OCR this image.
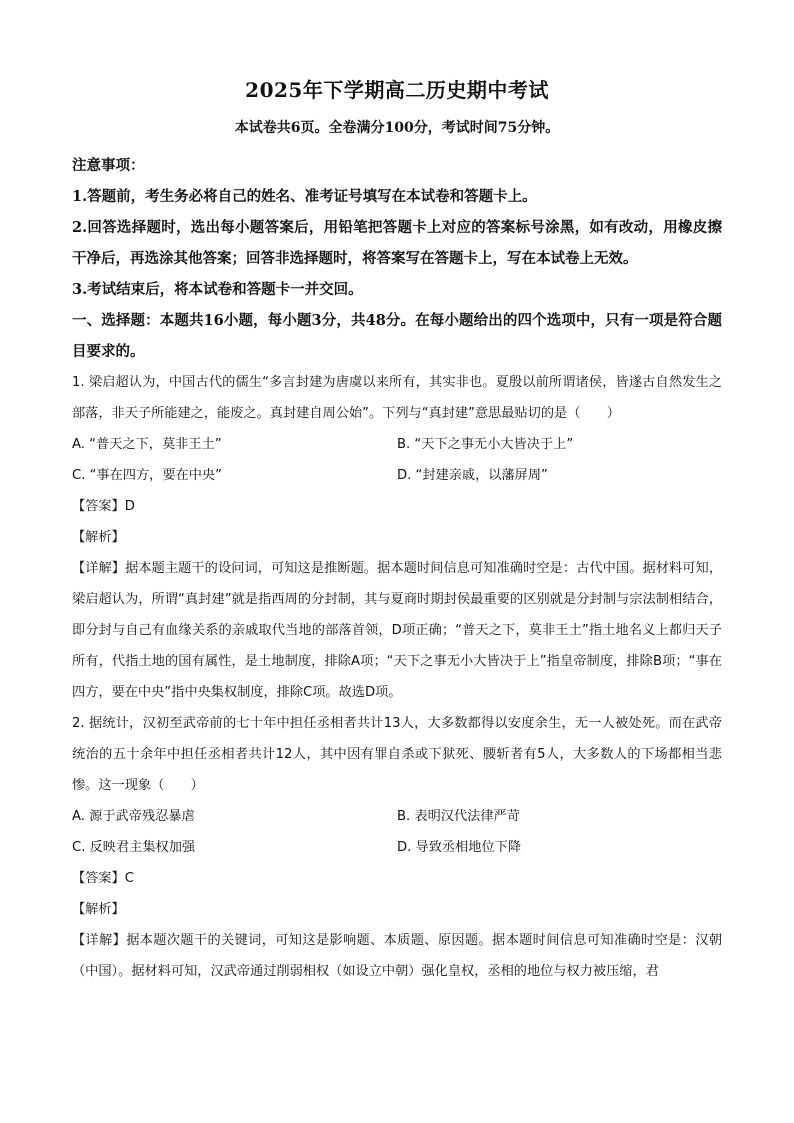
2025年下学期高二历史期中考试
本试卷共6页。全卷满分100分，考试时间75分钟。
注意事项：
1.答题前，考生务必将自己的姓名、准考证号填写在本试卷和答题卡上。
2.回答选择题时，选出每小题答案后，用铅笔把答题卡上对应的答案标号涂黑，如有改动，用橡皮擦干净后，再选涂其他答案；回答非选择题时，将答案写在答题卡上，写在本试卷上无效。
3.考试结束后，将本试卷和答题卡一并交回。
一、选择题：本题共16小题，每小题3分，共48分。在每小题给出的四个选项中，只有一项是符合题目要求的。
1. 梁启超认为，中国古代的儒生“多言封建为唐虞以来所有，其实非也。夏殷以前所谓诸侯，皆遂古自然发生之部落，非天子所能建之，能废之。真封建自周公始”。下列与“真封建”意思最贴切的是（　　）
A. “普天之下，莫非王土”	B. “天下之事无小大皆决于上”
C. “事在四方，要在中央”	D. “封建亲戚，以藩屏周”
【答案】D
【解析】
【详解】据本题主题干的设问词，可知这是推断题。据本题时间信息可知准确时空是：古代中国。据材料可知，梁启超认为，所谓“真封建”就是指西周的分封制，其与夏商时期封侯最重要的区别就是分封制与宗法制相结合，即分封与自己有血缘关系的亲戚取代当地的部落首领，D项正确；“普天之下，莫非王土”指土地名义上都归天子所有，代指土地的国有属性，是土地制度，排除A项；“天下之事无小大皆决于上”指皇帝制度，排除B项；“事在四方，要在中央”指中央集权制度，排除C项。故选D项。
2. 据统计，汉初至武帝前的七十年中担任丞相者共计13人，大多数都得以安度余生，无一人被处死。而在武帝统治的五十余年中担任丞相者共计12人，其中因有罪自杀或下狱死、腰斩者有5人，大多数人的下场都相当悲惨。这一现象（　　）
A. 源于武帝残忍暴虐	B. 表明汉代法律严苛
C. 反映君主集权加强	D. 导致丞相地位下降
【答案】C
【解析】
【详解】据本题次题干的关键词，可知这是影响题、本质题、原因题。据本题时间信息可知准确时空是：汉朝（中国）。据材料可知，汉武帝通过削弱相权（如设立中朝）强化皇权，丞相的地位与权力被压缩，君
